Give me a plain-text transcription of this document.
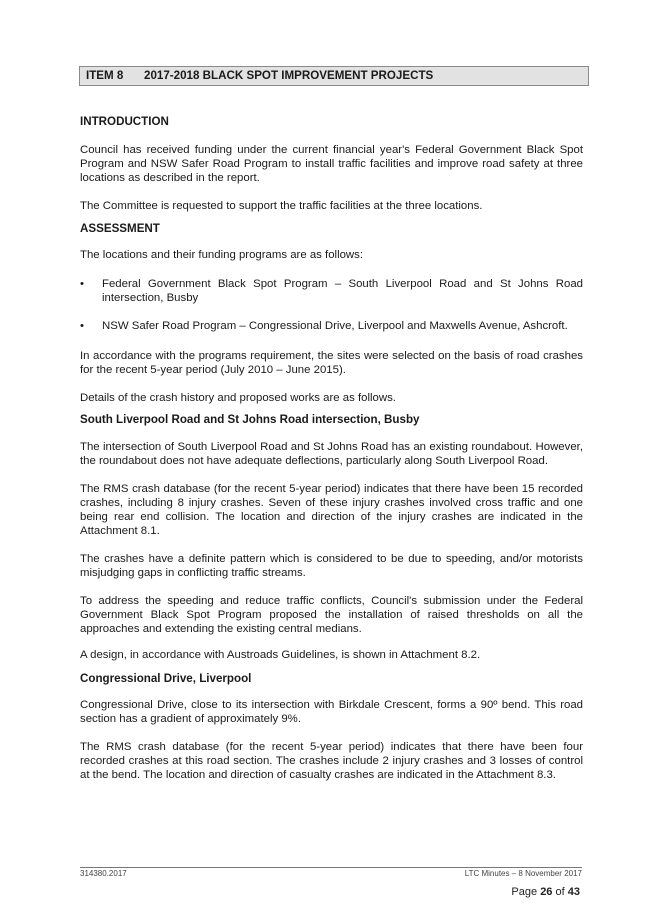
ITEM 8 2017-2018 BLACK SPOT IMPROVEMENT PROJECTS
INTRODUCTION

Council has received funding under the current financial year's Federal Government Black Spot Program and NSW Safer Road Program to install traffic facilities and improve road safety at three locations as described in the report.

The Committee is requested to support the traffic facilities at the three locations.

ASSESSMENT

The locations and their funding programs are as follows:

• Federal Government Black Spot Program – South Liverpool Road and St Johns Road intersection, Busby
• NSW Safer Road Program – Congressional Drive, Liverpool and Maxwells Avenue, Ashcroft.

In accordance with the programs requirement, the sites were selected on the basis of road crashes for the recent 5-year period (July 2010 – June 2015).

Details of the crash history and proposed works are as follows.

South Liverpool Road and St Johns Road intersection, Busby

The intersection of South Liverpool Road and St Johns Road has an existing roundabout. However, the roundabout does not have adequate deflections, particularly along South Liverpool Road.

The RMS crash database (for the recent 5-year period) indicates that there have been 15 recorded crashes, including 8 injury crashes. Seven of these injury crashes involved cross traffic and one being rear end collision. The location and direction of the injury crashes are indicated in the Attachment 8.1.

The crashes have a definite pattern which is considered to be due to speeding, and/or motorists misjudging gaps in conflicting traffic streams.

To address the speeding and reduce traffic conflicts, Council's submission under the Federal Government Black Spot Program proposed the installation of raised thresholds on all the approaches and extending the existing central medians.

A design, in accordance with Austroads Guidelines, is shown in Attachment 8.2.

Congressional Drive, Liverpool

Congressional Drive, close to its intersection with Birkdale Crescent, forms a 90º bend. This road section has a gradient of approximately 9%.

The RMS crash database (for the recent 5-year period) indicates that there have been four recorded crashes at this road section. The crashes include 2 injury crashes and 3 losses of control at the bend. The location and direction of casualty crashes are indicated in the Attachment 8.3.

314380.2017	LTC Minutes – 8 November 2017
Page 26 of 43
